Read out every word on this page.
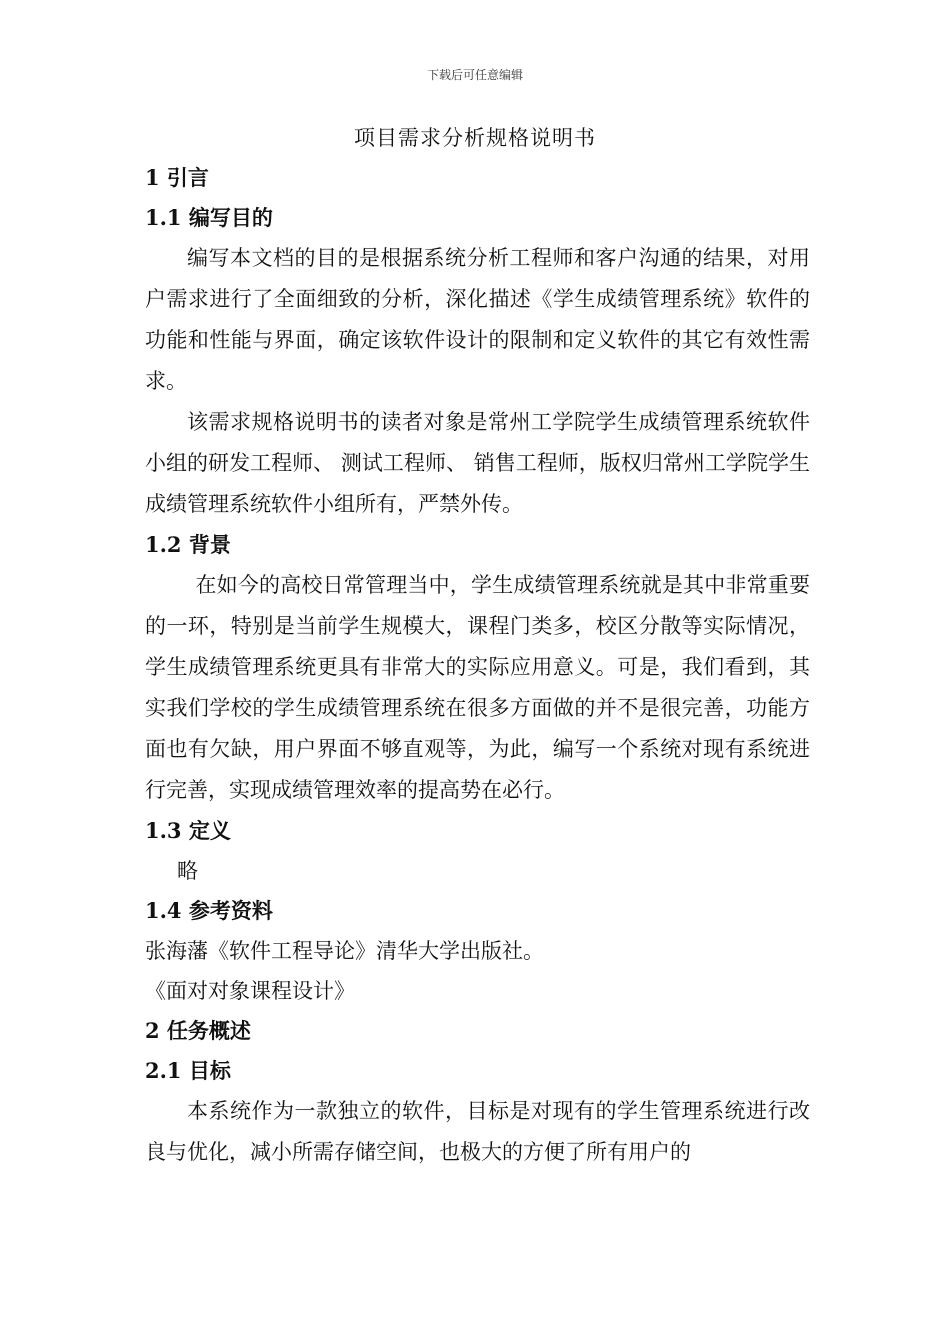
下载后可任意编辑
项目需求分析规格说明书
1 引言
1.1 编写目的

编写本文档的目的是根据系统分析工程师和客户沟通的结果，对用户需求进行了全面细致的分析，深化描述《学生成绩管理系统》软件的功能和性能与界面，确定该软件设计的限制和定义软件的其它有效性需求。

该需求规格说明书的读者对象是常州工学院学生成绩管理系统软件小组的研发工程师、 测试工程师、 销售工程师，版权归常州工学院学生成绩管理系统软件小组所有，严禁外传。

1.2 背景

在如今的高校日常管理当中，学生成绩管理系统就是其中非常重要的一环，特别是当前学生规模大，课程门类多，校区分散等实际情况，学生成绩管理系统更具有非常大的实际应用意义。可是，我们看到，其实我们学校的学生成绩管理系统在很多方面做的并不是很完善，功能方面也有欠缺，用户界面不够直观等，为此，编写一个系统对现有系统进行完善，实现成绩管理效率的提高势在必行。

1.3 定义
略
1.4 参考资料
张海藩《软件工程导论》清华大学出版社。
《面对对象课程设计》
2 任务概述
2.1 目标

本系统作为一款独立的软件，目标是对现有的学生管理系统进行改良与优化，减小所需存储空间，也极大的方便了所有用户的
